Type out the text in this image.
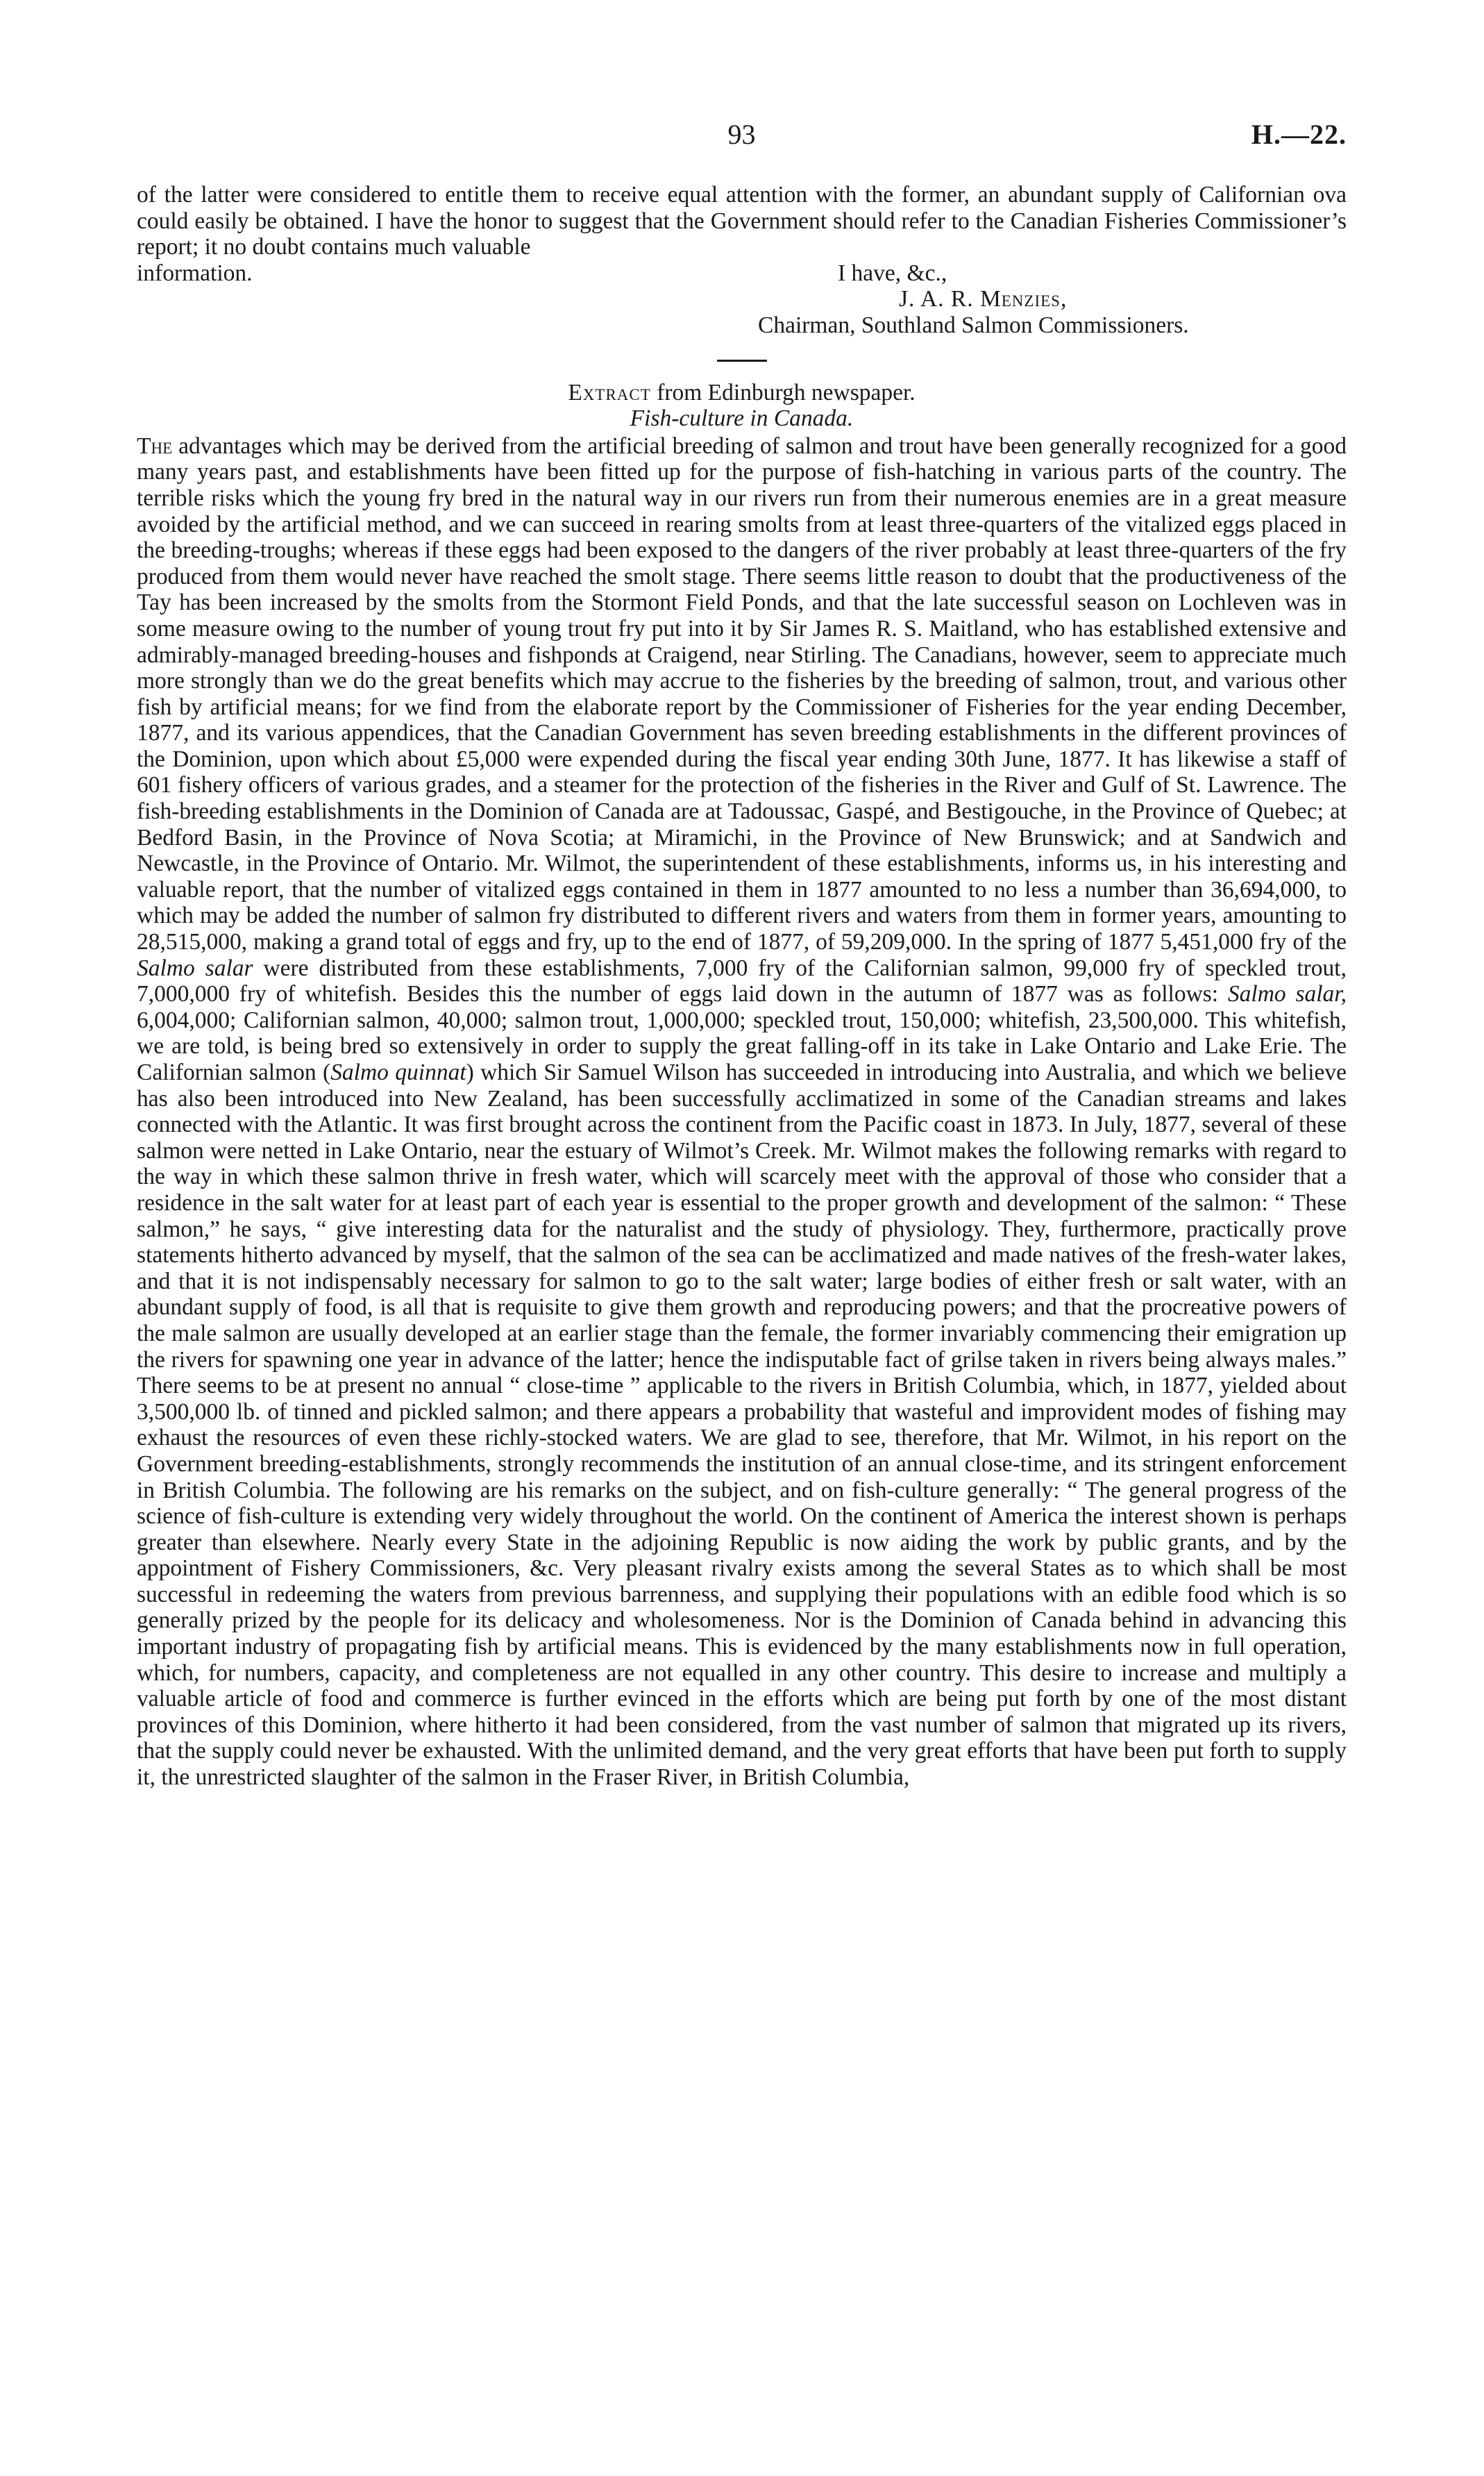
93	H.—22.

of the latter were considered to entitle them to receive equal attention with the former, an abundant supply of Californian ova could easily be obtained. I have the honor to suggest that the Government should refer to the Canadian Fisheries Commissioner’s report; it no doubt contains much valuable

information.	I have, &c.,
J. A. R. Menzies,
Chairman, Southland Salmon Commissioners.

Extract from Edinburgh newspaper.

Fish-culture in Canada.

The advantages which may be derived from the artificial breeding of salmon and trout have been generally recognized for a good many years past, and establishments have been fitted up for the purpose of fish-hatching in various parts of the country. The terrible risks which the young fry bred in the natural way in our rivers run from their numerous enemies are in a great measure avoided by the artificial method, and we can succeed in rearing smolts from at least three-quarters of the vitalized eggs placed in the breeding-troughs; whereas if these eggs had been exposed to the dangers of the river probably at least three-quarters of the fry produced from them would never have reached the smolt stage. There seems little reason to doubt that the productiveness of the Tay has been increased by the smolts from the Stormont Field Ponds, and that the late successful season on Lochleven was in some measure owing to the number of young trout fry put into it by Sir James R. S. Maitland, who has established extensive and admirably-managed breeding-houses and fishponds at Craigend, near Stirling. The Canadians, however, seem to appreciate much more strongly than we do the great benefits which may accrue to the fisheries by the breeding of salmon, trout, and various other fish by artificial means; for we find from the elaborate report by the Commissioner of Fisheries for the year ending December, 1877, and its various appendices, that the Canadian Government has seven breeding establishments in the different provinces of the Dominion, upon which about £5,000 were expended during the fiscal year ending 30th June, 1877. It has likewise a staff of 601 fishery officers of various grades, and a steamer for the protection of the fisheries in the River and Gulf of St. Lawrence. The fish-breeding establishments in the Dominion of Canada are at Tadoussac, Gaspé, and Bestigouche, in the Province of Quebec; at Bedford Basin, in the Province of Nova Scotia; at Miramichi, in the Province of New Brunswick; and at Sandwich and Newcastle, in the Province of Ontario. Mr. Wilmot, the superintendent of these establishments, informs us, in his interesting and valuable report, that the number of vitalized eggs contained in them in 1877 amounted to no less a number than 36,694,000, to which may be added the number of salmon fry distributed to different rivers and waters from them in former years, amounting to 28,515,000, making a grand total of eggs and fry, up to the end of 1877, of 59,209,000. In the spring of 1877 5,451,000 fry of the Salmo salar were distributed from these establishments, 7,000 fry of the Californian salmon, 99,000 fry of speckled trout, 7,000,000 fry of whitefish. Besides this the number of eggs laid down in the autumn of 1877 was as follows: Salmo salar, 6,004,000; Californian salmon, 40,000; salmon trout, 1,000,000; speckled trout, 150,000; whitefish, 23,500,000. This whitefish, we are told, is being bred so extensively in order to supply the great falling-off in its take in Lake Ontario and Lake Erie. The Californian salmon (Salmo quinnat) which Sir Samuel Wilson has succeeded in introducing into Australia, and which we believe has also been introduced into New Zealand, has been successfully acclimatized in some of the Canadian streams and lakes connected with the Atlantic. It was first brought across the continent from the Pacific coast in 1873. In July, 1877, several of these salmon were netted in Lake Ontario, near the estuary of Wilmot’s Creek. Mr. Wilmot makes the following remarks with regard to the way in which these salmon thrive in fresh water, which will scarcely meet with the approval of those who consider that a residence in the salt water for at least part of each year is essential to the proper growth and development of the salmon: “ These salmon,” he says, “ give interesting data for the naturalist and the study of physiology. They, furthermore, practically prove statements hitherto advanced by myself, that the salmon of the sea can be acclimatized and made natives of the fresh-water lakes, and that it is not indispensably necessary for salmon to go to the salt water; large bodies of either fresh or salt water, with an abundant supply of food, is all that is requisite to give them growth and reproducing powers; and that the procreative powers of the male salmon are usually developed at an earlier stage than the female, the former invariably commencing their emigration up the rivers for spawning one year in advance of the latter; hence the indisputable fact of grilse taken in rivers being always males.” There seems to be at present no annual “ close-time ” applicable to the rivers in British Columbia, which, in 1877, yielded about 3,500,000 lb. of tinned and pickled salmon; and there appears a probability that wasteful and improvident modes of fishing may exhaust the resources of even these richly-stocked waters. We are glad to see, therefore, that Mr. Wilmot, in his report on the Government breeding-establishments, strongly recommends the institution of an annual close-time, and its stringent enforcement in British Columbia. The following are his remarks on the subject, and on fish-culture generally: “ The general progress of the science of fish-culture is extending very widely throughout the world. On the continent of America the interest shown is perhaps greater than elsewhere. Nearly every State in the adjoining Republic is now aiding the work by public grants, and by the appointment of Fishery Commissioners, &c. Very pleasant rivalry exists among the several States as to which shall be most successful in redeeming the waters from previous barrenness, and supplying their populations with an edible food which is so generally prized by the people for its delicacy and wholesomeness. Nor is the Dominion of Canada behind in advancing this important industry of propagating fish by artificial means. This is evidenced by the many establishments now in full operation, which, for numbers, capacity, and completeness are not equalled in any other country. This desire to increase and multiply a valuable article of food and commerce is further evinced in the efforts which are being put forth by one of the most distant provinces of this Dominion, where hitherto it had been considered, from the vast number of salmon that migrated up its rivers, that the supply could never be exhausted. With the unlimited demand, and the very great efforts that have been put forth to supply it, the unrestricted slaughter of the salmon in the Fraser River, in British Columbia,
